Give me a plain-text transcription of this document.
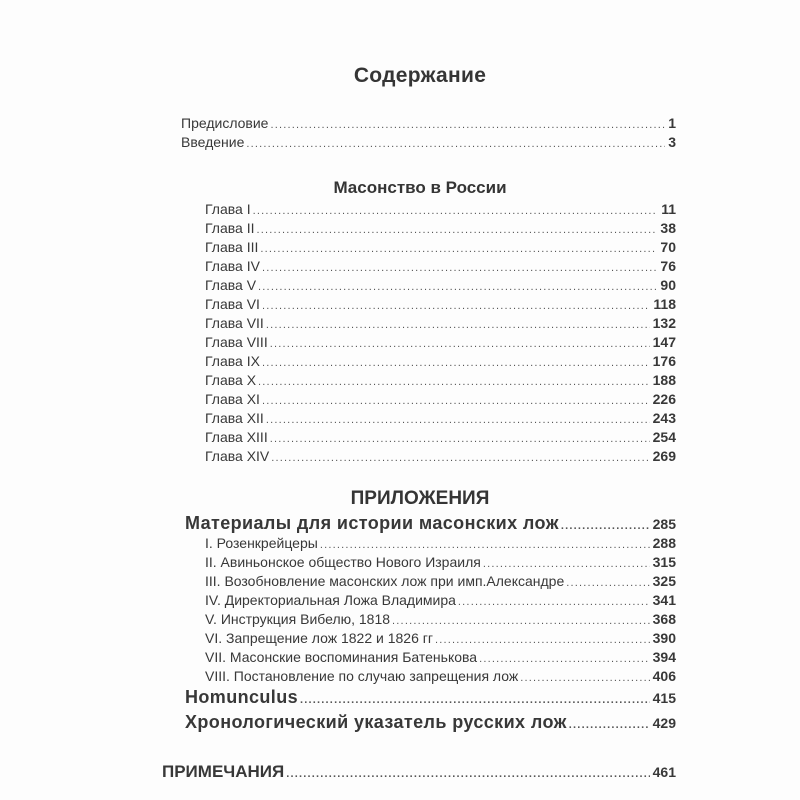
Содержание
Предисловие .....	1
Введение .....	3
Масонство в России
Глава I .....	11
Глава II .....	38
Глава III .....	70
Глава IV .....	76
Глава V .....	90
Глава VI .....	118
Глава VII .....	132
Глава VIII .....	147
Глава IX .....	176
Глава X .....	188
Глава XI .....	226
Глава XII .....	243
Глава XIII .....	254
Глава XIV .....	269
ПРИЛОЖЕНИЯ
Материалы для истории масонских лож .....	285
I. Розенкрейцеры .....	288
II. Авиньонское общество Нового Израиля .....	315
III. Возобновление масонских лож при имп.Александре .....	325
IV. Директориальная Ложа Владимира .....	341
V. Инструкция Вибелю, 1818 .....	368
VI. Запрещение лож 1822 и 1826 гг .....	390
VII. Масонские воспоминания Батенькова .....	394
VIII. Постановление по случаю запрещения лож .....	406
Homunculus .....	415
Хронологический указатель русских лож .....	429
ПРИМЕЧАНИЯ .....	461
